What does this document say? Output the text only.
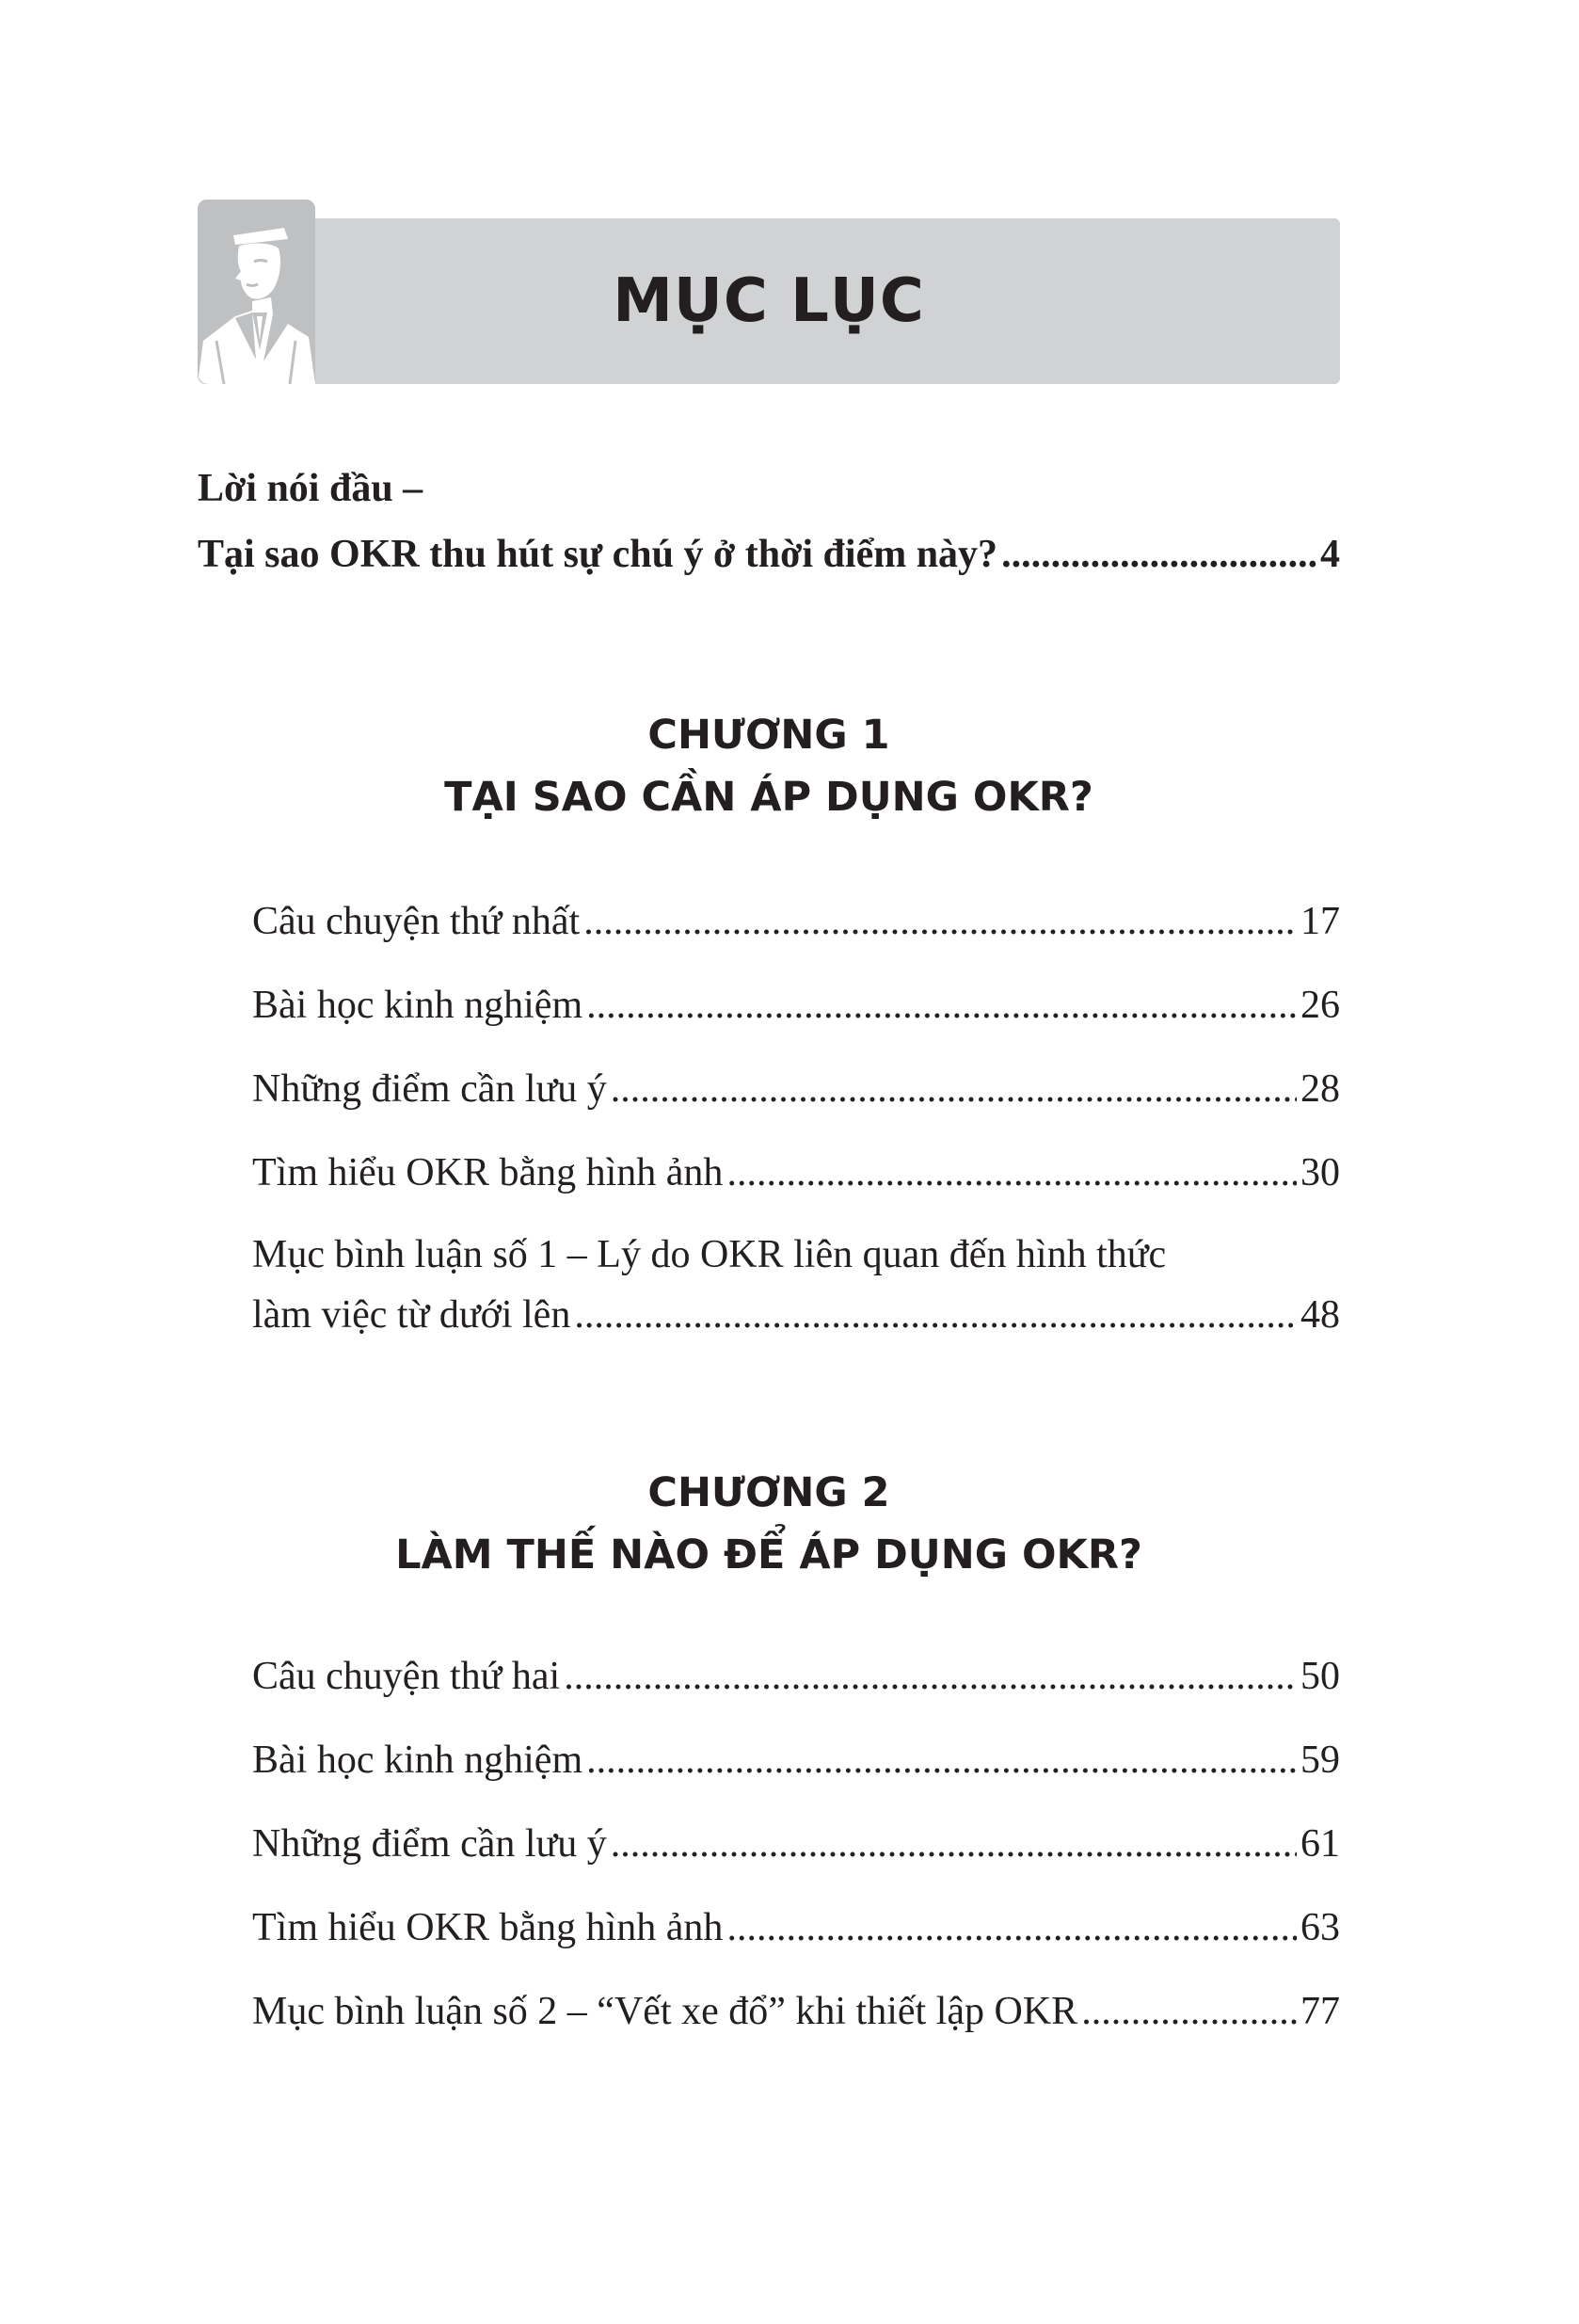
MỤC LỤC
Lời nói đầu –
Tại sao OKR thu hút sự chú ý ở thời điểm này? .....	4
CHƯƠNG 1
TẠI SAO CẦN ÁP DỤNG OKR?
Câu chuyện thứ nhất .....	17
Bài học kinh nghiệm .....	26
Những điểm cần lưu ý .....	28
Tìm hiểu OKR bằng hình ảnh .....	30
Mục bình luận số 1 – Lý do OKR liên quan đến hình thức
làm việc từ dưới lên .....	48
CHƯƠNG 2
LÀM THẾ NÀO ĐỂ ÁP DỤNG OKR?
Câu chuyện thứ hai .....	50
Bài học kinh nghiệm .....	59
Những điểm cần lưu ý .....	61
Tìm hiểu OKR bằng hình ảnh .....	63
Mục bình luận số 2 – “Vết xe đổ” khi thiết lập OKR .....	77
